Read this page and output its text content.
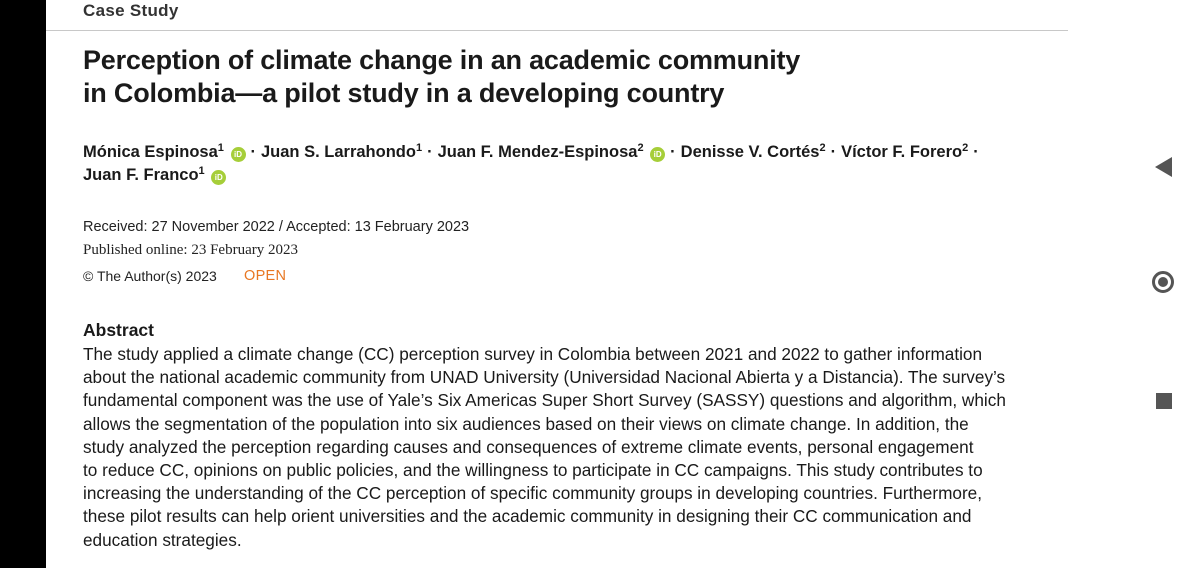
Case Study
Perception of climate change in an academic community
in Colombia—a pilot study in a developing country
Mónica Espinosa$^1$ iD · Juan S. Larrahondo$^1$ · Juan F. Mendez-Espinosa$^2$ iD · Denisse V. Cortés$^2$ · Víctor F. Forero$^2$ ·
Juan F. Franco$^1$ iD
Received: 27 November 2022 / Accepted: 13 February 2023
Published online: 23 February 2023
© The Author(s) 2023 OPEN
Abstract
The study applied a climate change (CC) perception survey in Colombia between 2021 and 2022 to gather information
about the national academic community from UNAD University (Universidad Nacional Abierta y a Distancia). The survey’s
fundamental component was the use of Yale’s Six Americas Super Short Survey (SASSY) questions and algorithm, which
allows the segmentation of the population into six audiences based on their views on climate change. In addition, the
study analyzed the perception regarding causes and consequences of extreme climate events, personal engagement
to reduce CC, opinions on public policies, and the willingness to participate in CC campaigns. This study contributes to
increasing the understanding of the CC perception of specific community groups in developing countries. Furthermore,
these pilot results can help orient universities and the academic community in designing their CC communication and
education strategies.
